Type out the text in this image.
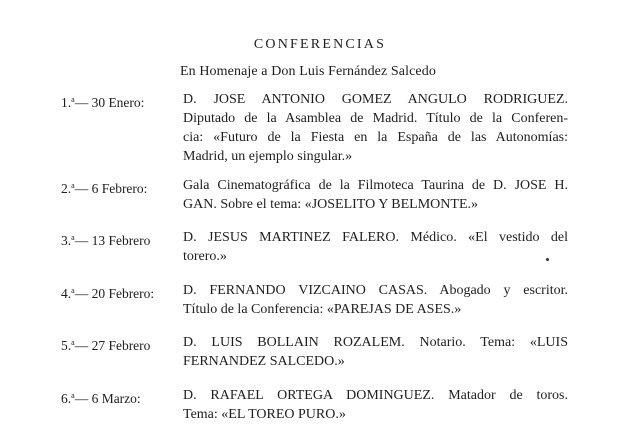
CONFERENCIAS
En Homenaje a Don Luis Fernández Salcedo
1.$^a$— 30 Enero:	D. JOSE ANTONIO GOMEZ ANGULO RODRIGUEZ.
Diputado de la Asamblea de Madrid. Título de la Conferen-
cia: «Futuro de la Fiesta en la España de las Autonomías:
Madrid, un ejemplo singular.»
2.$^a$— 6 Febrero:	Gala Cinematográfica de la Filmoteca Taurina de D. JOSE H.
GAN. Sobre el tema: «JOSELITO Y BELMONTE.»
3.$^a$— 13 Febrero	D. JESUS MARTINEZ FALERO. Médico. «El vestido del
torero.»
4.$^a$— 20 Febrero:	D. FERNANDO VIZCAINO CASAS. Abogado y escritor.
Título de la Conferencia: «PAREJAS DE ASES.»
5.$^a$— 27 Febrero	D. LUIS BOLLAIN ROZALEM. Notario. Tema: «LUIS
FERNANDEZ SALCEDO.»
6.$^a$— 6 Marzo:	D. RAFAEL ORTEGA DOMINGUEZ. Matador de toros.
Tema: «EL TOREO PURO.»
